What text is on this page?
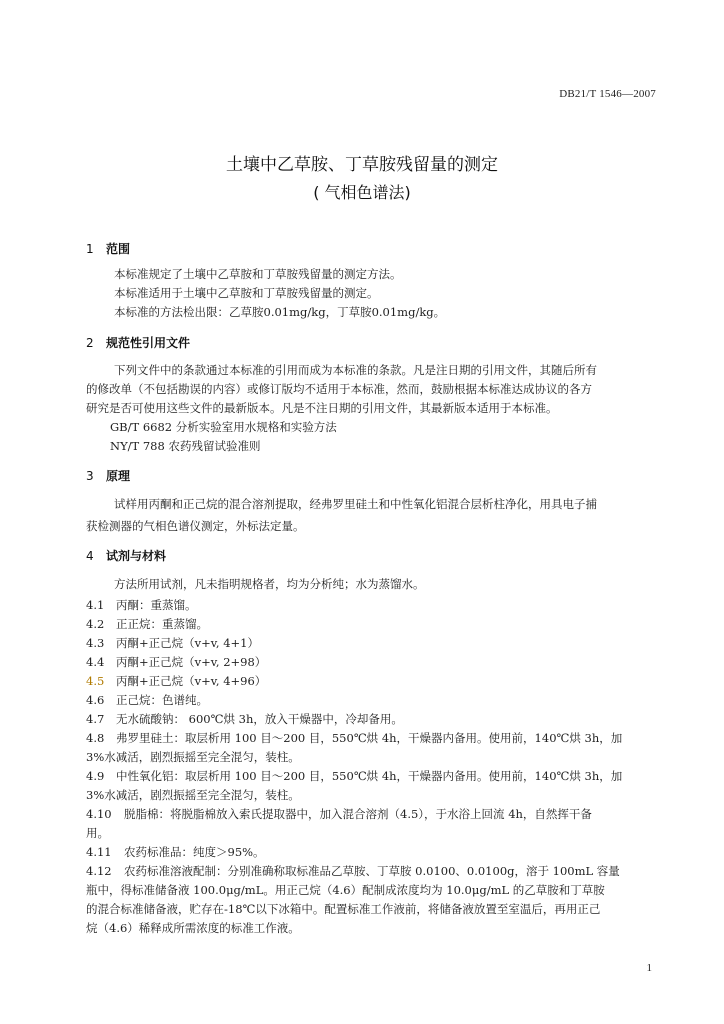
DB21/T 1546—2007
土壤中乙草胺、丁草胺残留量的测定
( 气相色谱法)
1 范围
本标准规定了土壤中乙草胺和丁草胺残留量的测定方法。
本标准适用于土壤中乙草胺和丁草胺残留量的测定。
本标准的方法检出限：乙草胺0.01mg/kg，丁草胺0.01mg/kg。
2 规范性引用文件
下列文件中的条款通过本标准的引用而成为本标准的条款。凡是注日期的引用文件，其随后所有
的修改单（不包括勘误的内容）或修订版均不适用于本标准，然而，鼓励根据本标准达成协议的各方
研究是否可使用这些文件的最新版本。凡是不注日期的引用文件，其最新版本适用于本标准。
GB/T 6682 分析实验室用水规格和实验方法
NY/T 788 农药残留试验准则
3 原理
试样用丙酮和正己烷的混合溶剂提取，经弗罗里硅土和中性氧化铝混合层析柱净化，用具电子捕
获检测器的气相色谱仪测定，外标法定量。
4 试剂与材料
方法所用试剂，凡未指明规格者，均为分析纯；水为蒸馏水。
4.1 丙酮：重蒸馏。
4.2 正正烷：重蒸馏。
4.3 丙酮+正己烷（v+v, 4+1）
4.4 丙酮+正己烷（v+v, 2+98）
4.5 丙酮+正己烷（v+v, 4+96）
4.6 正己烷：色谱纯。
4.7 无水硫酸钠： 600℃烘 3h，放入干燥器中，冷却备用。
4.8 弗罗里硅土：取层析用 100 目～200 目，550℃烘 4h，干燥器内备用。使用前，140℃烘 3h，加
3%水减活，剧烈振摇至完全混匀，装柱。
4.9 中性氧化铝：取层析用 100 目～200 目，550℃烘 4h，干燥器内备用。使用前，140℃烘 3h，加
3%水减活，剧烈振摇至完全混匀，装柱。
4.10 脱脂棉：将脱脂棉放入索氏提取器中，加入混合溶剂（4.5），于水浴上回流 4h，自然挥干备
用。
4.11 农药标准品：纯度＞95%。
4.12 农药标准溶液配制：分别准确称取标准品乙草胺、丁草胺 0.0100、0.0100g，溶于 100mL 容量
瓶中，得标准储备液 100.0μg/mL。用正己烷（4.6）配制成浓度均为 10.0μg/mL 的乙草胺和丁草胺
的混合标准储备液，贮存在-18℃以下冰箱中。配置标准工作液前，将储备液放置至室温后，再用正己
烷（4.6）稀释成所需浓度的标准工作液。
1
